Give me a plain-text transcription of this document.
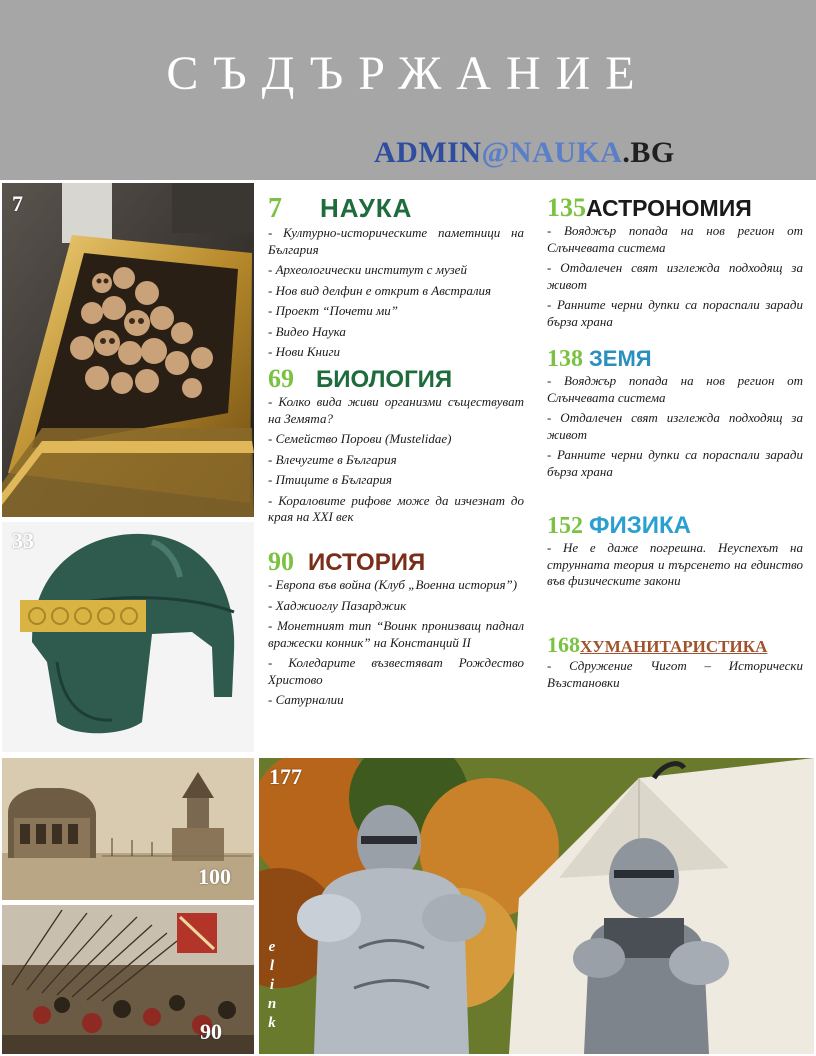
СЪДЪРЖАНИЕ
ADMIN@NAUKA.BG
7
33
100
90
177
e
l
i
n
k
7 НАУКА
- Културно-историческите паметници на България
- Археологически институт с музей
- Нов вид делфин е открит в Австралия
- Проект “Почети ми”
- Видео Наука
- Нови Книги
69 БИОЛОГИЯ
- Колко вида живи организми съществуват на Земята?
- Семейство Порови (Mustelidae)
- Влечугите в България
- Птиците в България
- Кораловите рифове може да изчезнат до края на XXI век
90 ИСТОРИЯ
- Европа във война (Клуб „Военна история”)
- Хаджиоглу Пазарджик
- Монетният тип “Воинк пронизващ паднал вражески конник” на Констанций II
- Коледарите възвестяват Рождество Христово
- Сатурналии
135АСТРОНОМИЯ
- Вояджър попада на нов регион от Слънчевата система
- Отдалечен свят изглежда подходящ за живот
- Ранните черни дупки са порасnали заради бърза храна
138 ЗЕМЯ
- Вояджър попада на нов регион от Слънчевата система
- Отдалечен свят изглежда подходящ за живот
- Ранните черни дупки са порасnали заради бърза храна
152 ФИЗИКА
- Не е даже погрешна. Неуспехът на струнната теория и търсенето на единство във физическите закони
168ХУМАНИТАРИСТИКА
- Сдружение Чигот – Исторически Възстановки
